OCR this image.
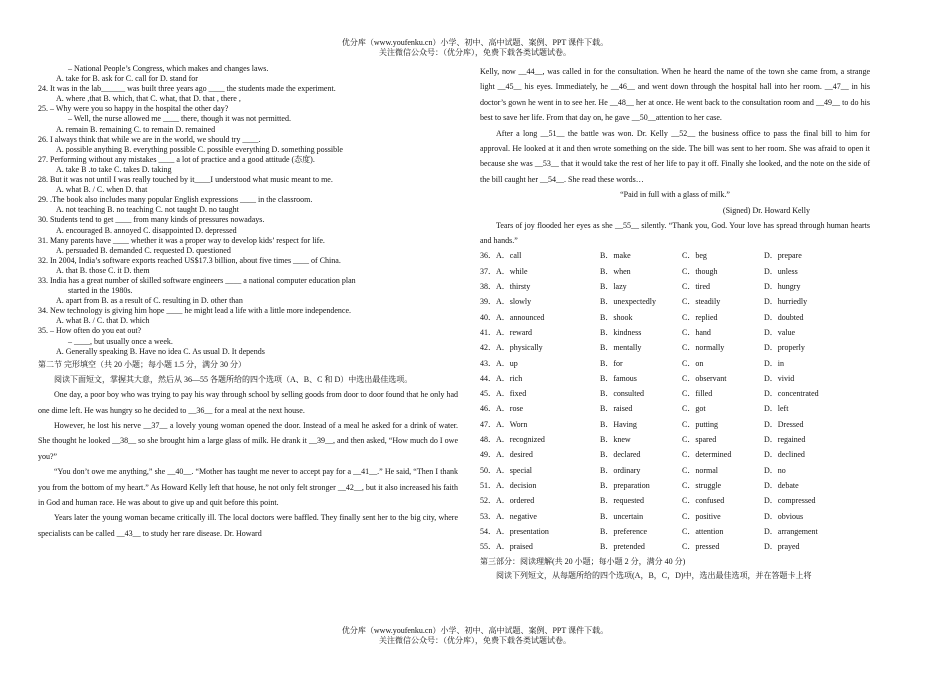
优分库（www.youfenku.cn）小学、初中、高中试题、案例、PPT 课件下载。
关注微信公众号：（优分库），免费下载各类试题试卷。
– National People’s Congress, which makes and changes laws.
A. take for B. ask for C. call for D. stand for
24. It was in the lab______ was built three years ago ____ the students made the experiment.
A. where ,that B. which, that C. what, that D. that , there ,
25. – Why were you so happy in the hospital the other day?
– Well, the nurse allowed me ____ there, though it was not permitted.
A. remain B. remaining C. to remain D. remained
26. I always think that while we are in the world, we should try ____.
A. possible anything B. everything possible C. possible everything D. something possible
27. Performing without any mistakes ____ a lot of practice and a good attitude (态度).
A. take B .to take C. takes D. taking
28. But it was not until I was really touched by it____I understood what music meant to me.
A. what B. / C. when D. that
29. .The book also includes many popular English expressions ____ in the classroom.
A. not teaching B. no teaching C. not taught D. no taught
30. Students tend to get ____ from many kinds of pressures nowadays.
A. encouraged B. annoyed C. disappointed D. depressed
31. Many parents have ____ whether it was a proper way to develop kids’ respect for life.
A. persuaded B. demanded C. requested D. questioned
32. In 2004, India’s software exports reached US$17.3 billion, about five times ____ of China.
A. that B. those C. it D. them
33. India has a great number of skilled software engineers ____ a national computer education plan
started in the 1980s.
A. apart from B. as a result of C. resulting in D. other than
34. New technology is giving him hope ____ he might lead a life with a little more independence.
A. what B. / C. that D. which
35. – How often do you eat out?
– ____, but usually once a week.
A. Generally speaking B. Have no idea C. As usual D. It depends
第二节 完形填空（共 20 小题；每小题 1.5 分，满分 30 分）
阅读下面短文，掌握其大意，然后从 36—55 各题所给的四个选项（A、B、C 和 D）中选出最佳选项。
One day, a poor boy who was trying to pay his way through school by selling goods from door to door found that he only had one dime left. He was hungry so he decided to __36__ for a meal at the next house.
However, he lost his nerve __37__ a lovely young woman opened the door. Instead of a meal he asked for a drink of water. She thought he looked __38__ so she brought him a large glass of milk. He drank it __39__, and then asked, “How much do I owe you?”
“You don’t owe me anything,” she __40__. “Mother has taught me never to accept pay for a __41__.” He said, “Then I thank you from the bottom of my heart.” As Howard Kelly left that house, he not only felt stronger __42__, but it also increased his faith in God and human race. He was about to give up and quit before this point.
Years later the young woman became critically ill. The local doctors were baffled. They finally sent her to the big city, where specialists can be called __43__ to study her rare disease. Dr. Howard
Kelly, now __44__, was called in for the consultation. When he heard the name of the town she came from, a strange light __45__ his eyes. Immediately, he __46__ and went down through the hospital hall into her room. __47__ in his doctor’s gown he went in to see her. He __48__ her at once. He went back to the consultation room and __49__ to do his best to save her life. From that day on, he gave __50__attention to her case.
After a long __51__ the battle was won. Dr. Kelly __52__ the business office to pass the final bill to him for approval. He looked at it and then wrote something on the side. The bill was sent to her room. She was afraid to open it because she was __53__ that it would take the rest of her life to pay it off. Finally she looked, and the note on the side of the bill caught her __54__. She read these words…
“Paid in full with a glass of milk.”
(Signed) Dr. Howard Kelly
Tears of joy flooded her eyes as she __55__ silently. “Thank you, God. Your love has spread through human hearts and hands.”
36．A．call	B．make	C．beg	D．prepare
37．A．while	B．when	C．though	D．unless
38．A．thirsty	B．lazy	C．tired	D．hungry
39．A．slowly	B．unexpectedly	C．steadily	D．hurriedly
40．A．announced	B．shook	C．replied	D．doubted
41．A．reward	B．kindness	C．hand	D．value
42．A．physically	B．mentally	C．normally	D．properly
43．A．up	B．for	C．on	D．in
44．A．rich	B．famous	C．observant	D．vivid
45．A．fixed	B．consulted	C．filled	D．concentrated
46．A．rose	B．raised	C．got	D．left
47．A．Worn	B．Having	C．putting	D．Dressed
48．A．recognized	B．knew	C．spared	D．regained
49．A．desired	B．declared	C．determined	D．declined
50．A．special	B．ordinary	C．normal	D．no
51．A．decision	B．preparation	C．struggle	D．debate
52．A．ordered	B．requested	C．confused	D．compressed
53．A．negative	B．uncertain	C．positive	D．obvious
54．A．presentation	B．preference	C．attention	D．arrangement
55．A．praised	B．pretended	C．pressed	D．prayed
第三部分：阅读理解(共 20 小题；每小题 2 分，满分 40 分)
阅读下列短文，从每题所给的四个选项(A，B，C，D)中，选出最佳选项，并在答题卡上将
优分库（www.youfenku.cn）小学、初中、高中试题、案例、PPT 课件下载。
关注微信公众号：（优分库），免费下载各类试题试卷。
